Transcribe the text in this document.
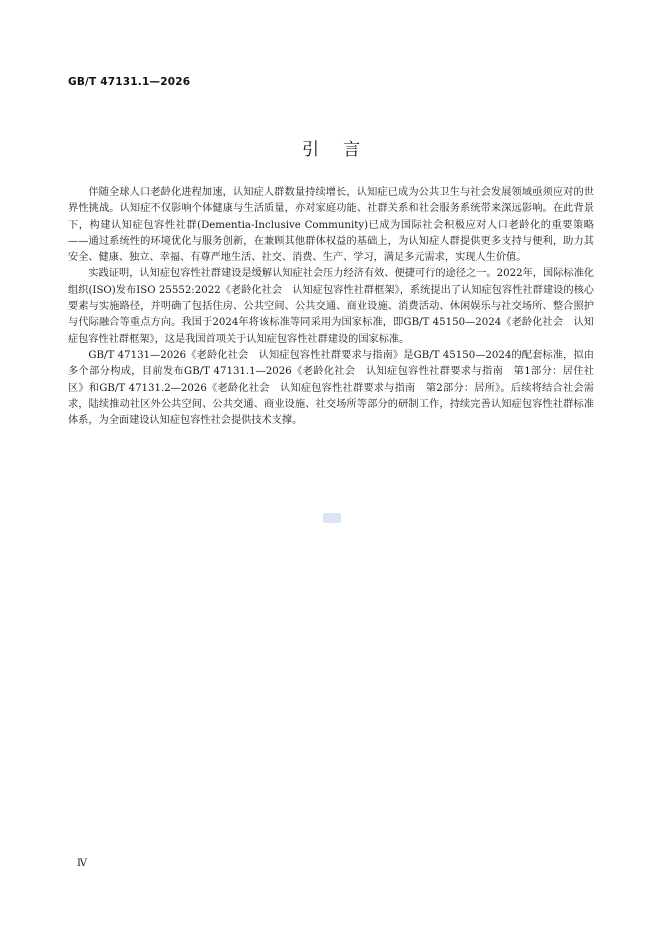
GB/T 47131.1—2026
引言

伴随全球人口老龄化进程加速，认知症人群数量持续增长，认知症已成为公共卫生与社会发展领域亟须应对的世界性挑战。认知症不仅影响个体健康与生活质量，亦对家庭功能、社群关系和社会服务系统带来深远影响。在此背景下，构建认知症包容性社群(Dementia-Inclusive Community)已成为国际社会积极应对人口老龄化的重要策略——通过系统性的环境优化与服务创新，在兼顾其他群体权益的基础上，为认知症人群提供更多支持与便利，助力其安全、健康、独立、幸福、有尊严地生活、社交、消费、生产、学习，满足多元需求，实现人生价值。

实践证明，认知症包容性社群建设是缓解认知症社会压力经济有效、便捷可行的途径之一。2022年，国际标准化组织(ISO)发布ISO 25552:2022《老龄化社会　认知症包容性社群框架》，系统提出了认知症包容性社群建设的核心要素与实施路径，并明确了包括住房、公共空间、公共交通、商业设施、消费活动、休闲娱乐与社交场所、整合照护与代际融合等重点方向。我国于2024年将该标准等同采用为国家标准，即GB/T 45150—2024《老龄化社会　认知症包容性社群框架》，这是我国首项关于认知症包容性社群建设的国家标准。

GB/T 47131—2026《老龄化社会　认知症包容性社群要求与指南》是GB/T 45150—2024的配套标准，拟由多个部分构成，目前发布GB/T 47131.1—2026《老龄化社会　认知症包容性社群要求与指南　第1部分：居住社区》和GB/T 47131.2—2026《老龄化社会　认知症包容性社群要求与指南　第2部分：居所》。后续将结合社会需求，陆续推动社区外公共空间、公共交通、商业设施、社交场所等部分的研制工作，持续完善认知症包容性社群标准体系，为全面建设认知症包容性社会提供技术支撑。

Ⅳ
